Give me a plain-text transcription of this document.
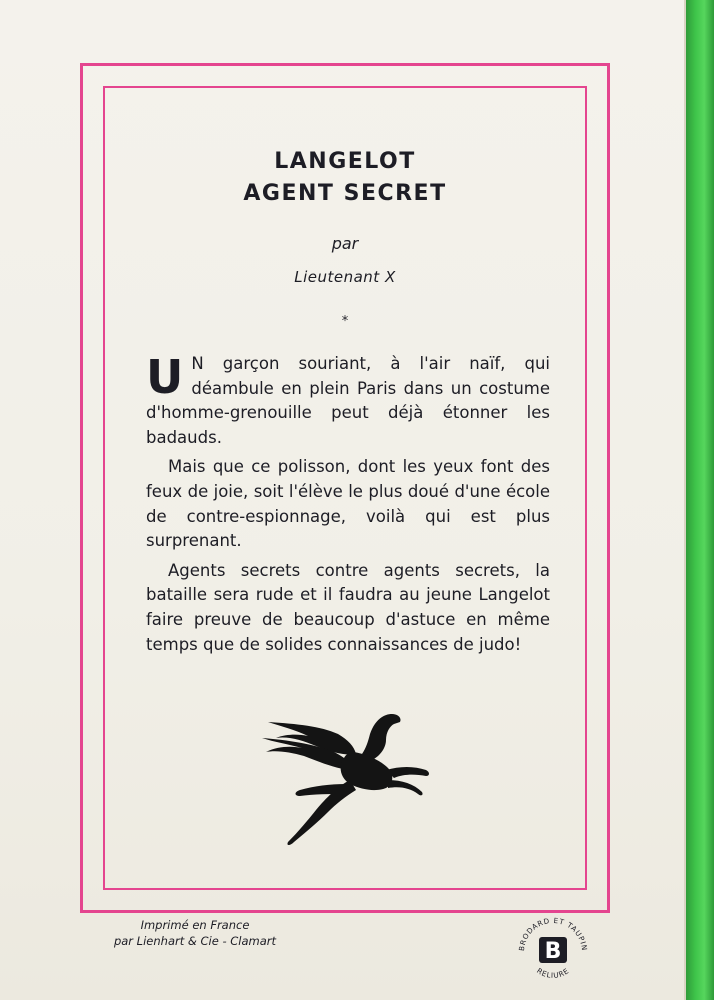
LANGELOT
AGENT SECRET
par
Lieutenant X
*

U N garçon souriant, à l'air naïf, qui déambule en plein Paris dans un costume d'homme-grenouille peut déjà étonner les badauds.

Mais que ce polisson, dont les yeux font des feux de joie, soit l'élève le plus doué d'une école de contre-espionnage, voilà qui est plus surprenant.

Agents secrets contre agents secrets, la bataille sera rude et il faudra au jeune Langelot faire preuve de beaucoup d'astuce en même temps que de solides connaissances de judo!

Imprimé en France
par Lienhart & Cie - Clamart
BRODARD ET TAUPIN
RELIURE
B
